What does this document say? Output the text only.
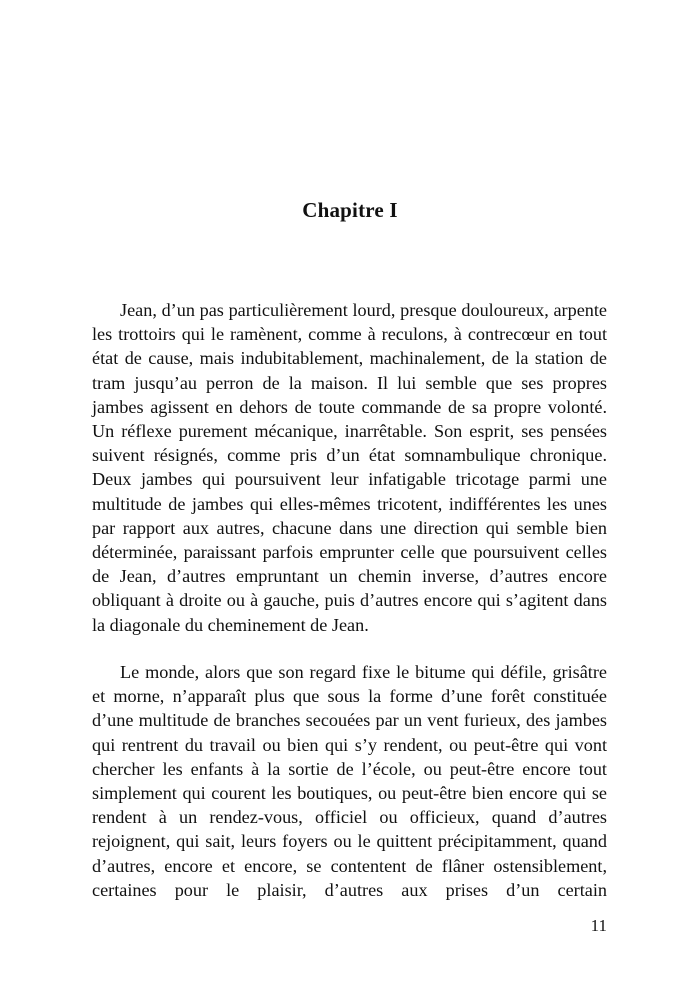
Chapitre I

Jean, d’un pas particulièrement lourd, presque douloureux, arpente les trottoirs qui le ramènent, comme à reculons, à contrecœur en tout état de cause, mais indubitablement, machinalement, de la station de tram jusqu’au perron de la maison. Il lui semble que ses propres jambes agissent en dehors de toute commande de sa propre volonté. Un réflexe purement mécanique, inarrêtable. Son esprit, ses pensées suivent résignés, comme pris d’un état somnambulique chronique. Deux jambes qui poursuivent leur infatigable tricotage parmi une multitude de jambes qui elles-mêmes tricotent, indifférentes les unes par rapport aux autres, chacune dans une direction qui semble bien déterminée, paraissant parfois emprunter celle que poursuivent celles de Jean, d’autres empruntant un chemin inverse, d’autres encore obliquant à droite ou à gauche, puis d’autres encore qui s’agitent dans la diagonale du cheminement de Jean.

Le monde, alors que son regard fixe le bitume qui défile, grisâtre et morne, n’apparaît plus que sous la forme d’une forêt constituée d’une multitude de branches secouées par un vent furieux, des jambes qui rentrent du travail ou bien qui s’y rendent, ou peut-être qui vont chercher les enfants à la sortie de l’école, ou peut-être encore tout simplement qui courent les boutiques, ou peut-être bien encore qui se rendent à un rendez-vous, officiel ou officieux, quand d’autres rejoignent, qui sait, leurs foyers ou le quittent précipitamment, quand d’autres, encore et encore, se contentent de flâner ostensiblement, certaines pour le plaisir, d’autres aux prises d’un certain

11
